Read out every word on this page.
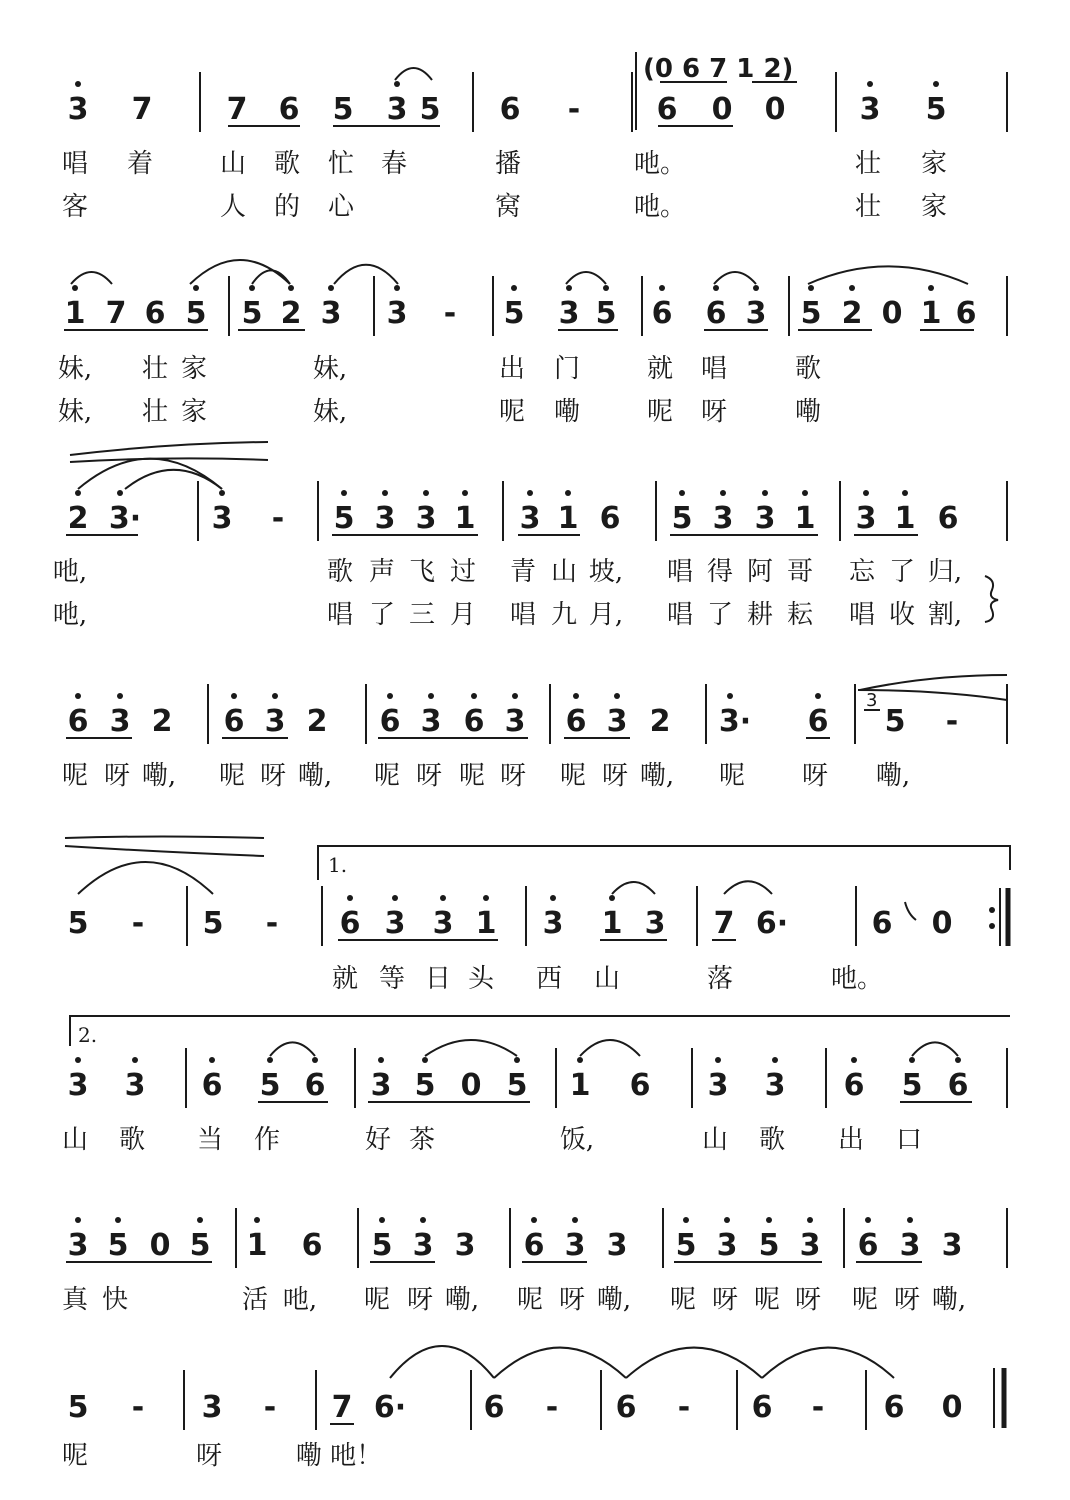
(0 6 7 1 2)
3
1.
2.
3 7 7 6 5 3 5 6 -	6 0 0 3 5
唱 着	山 歌 忙 春	播	吔。	壮 家
客	人 的 心	窝	吔。	壮 家
1 7 6 5 5 2 3 3 - 5 3 5 6 6 3 5 2 0 1 6
妹, 壮 家	妹,	出 门	就 唱	歌
妹, 壮 家	妹,	呢 嘞	呢 呀	嘞
2 3· 3 - 5 3 3 1 3 1 6 5 3 3 1 3 1 6
吔,	歌 声 飞 过 青 山 坡, 唱 得 阿 哥 忘 了 归,
吔,	唱 了 三 月 唱 九 月, 唱 了 耕 耘 唱 收 割,
6 3 2 6 3 2 6 3 6 3 6 3 2 3· 6 5 -
呢 呀 嘞, 呢 呀 嘞, 呢 呀 呢 呀 呢 呀 嘞, 呢 呀 嘞,
5 - 5 - 6 3 3 1 3 1 3 7 6·	6 0
就 等 日 头 西 山	落	吔。
3 3 6 5 6 3 5 0 5 1 6 3 3 6 5 6
山 歌 当 作	好 茶	饭,	山 歌 出 口
3 5 0 5 1 6 5 3 3 6 3 3 5 3 5 3 6 3 3
真 快	活 吔, 呢 呀 嘞, 呢 呀 嘞, 呢 呀 呢 呀 呢 呀 嘞,
5 - 3 - 7 6·	6 - 6 - 6 - 6 0
呢	呀	嘞 吔！
